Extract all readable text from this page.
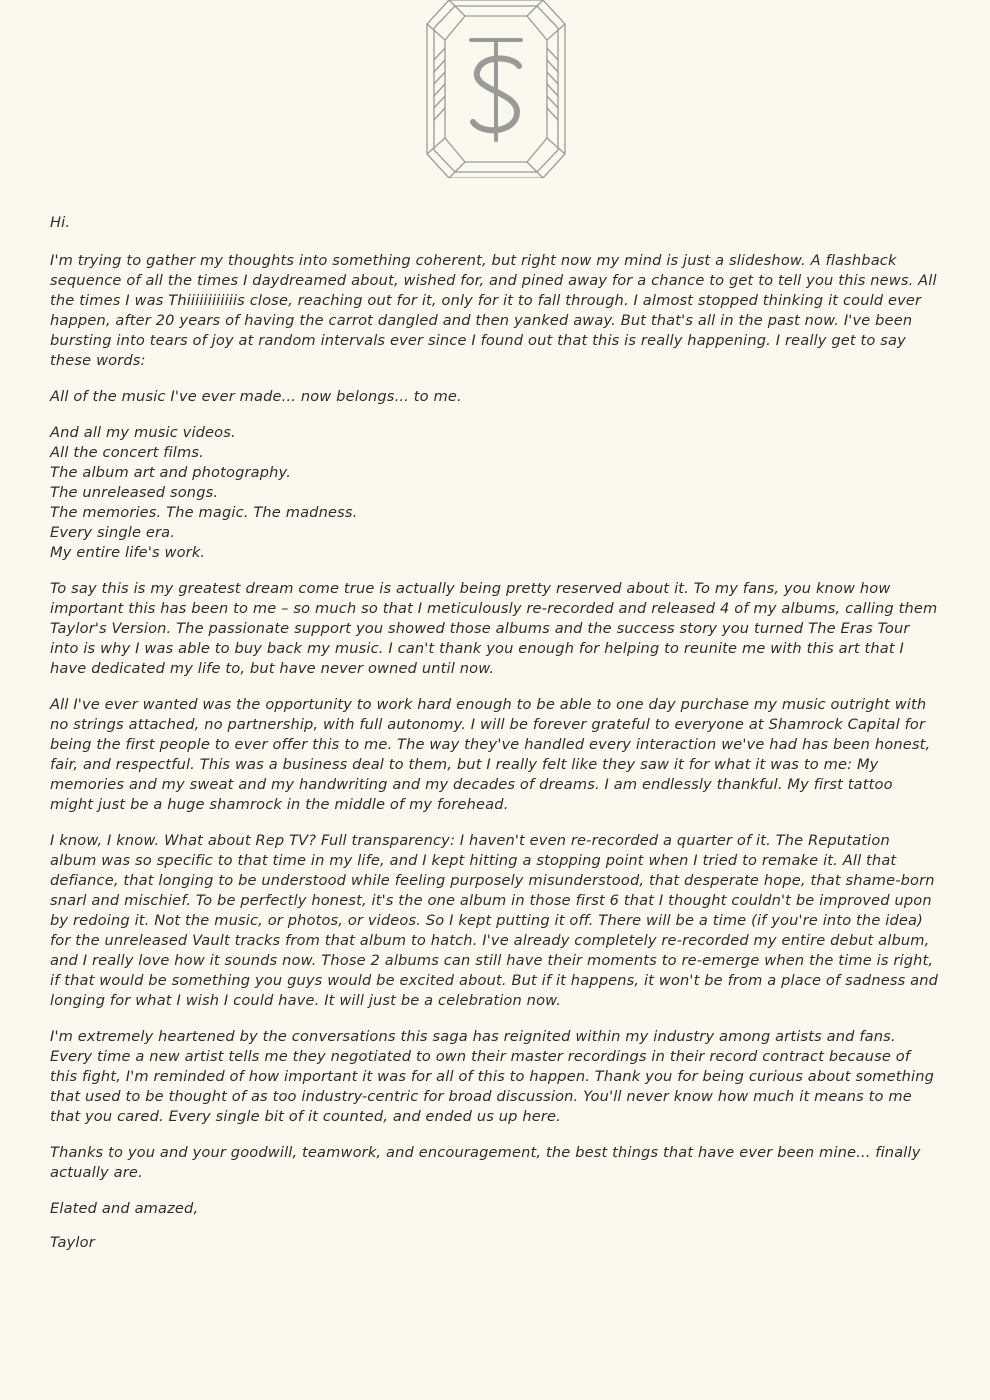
TS

Hi.

I'm trying to gather my thoughts into something coherent, but right now my mind is just a slideshow. A flashback sequence of all the times I daydreamed about, wished for, and pined away for a chance to get to tell you this news. All the times I was Thiiiiiiiiiiiis close, reaching out for it, only for it to fall through. I almost stopped thinking it could ever happen, after 20 years of having the carrot dangled and then yanked away. But that's all in the past now. I've been bursting into tears of joy at random intervals ever since I found out that this is really happening. I really get to say these words:

All of the music I've ever made... now belongs... to me.

And all my music videos.
All the concert films.
The album art and photography.
The unreleased songs.
The memories. The magic. The madness.
Every single era.
My entire life's work.

To say this is my greatest dream come true is actually being pretty reserved about it. To my fans, you know how important this has been to me – so much so that I meticulously re-recorded and released 4 of my albums, calling them Taylor's Version. The passionate support you showed those albums and the success story you turned The Eras Tour into is why I was able to buy back my music. I can't thank you enough for helping to reunite me with this art that I have dedicated my life to, but have never owned until now.

All I've ever wanted was the opportunity to work hard enough to be able to one day purchase my music outright with no strings attached, no partnership, with full autonomy. I will be forever grateful to everyone at Shamrock Capital for being the first people to ever offer this to me. The way they've handled every interaction we've had has been honest, fair, and respectful. This was a business deal to them, but I really felt like they saw it for what it was to me: My memories and my sweat and my handwriting and my decades of dreams. I am endlessly thankful. My first tattoo might just be a huge shamrock in the middle of my forehead.

I know, I know. What about Rep TV? Full transparency: I haven't even re-recorded a quarter of it. The Reputation album was so specific to that time in my life, and I kept hitting a stopping point when I tried to remake it. All that defiance, that longing to be understood while feeling purposely misunderstood, that desperate hope, that shame-born snarl and mischief. To be perfectly honest, it's the one album in those first 6 that I thought couldn't be improved upon by redoing it. Not the music, or photos, or videos. So I kept putting it off. There will be a time (if you're into the idea) for the unreleased Vault tracks from that album to hatch. I've already completely re-recorded my entire debut album, and I really love how it sounds now. Those 2 albums can still have their moments to re-emerge when the time is right, if that would be something you guys would be excited about. But if it happens, it won't be from a place of sadness and longing for what I wish I could have. It will just be a celebration now.

I'm extremely heartened by the conversations this saga has reignited within my industry among artists and fans. Every time a new artist tells me they negotiated to own their master recordings in their record contract because of this fight, I'm reminded of how important it was for all of this to happen. Thank you for being curious about something that used to be thought of as too industry-centric for broad discussion. You'll never know how much it means to me that you cared. Every single bit of it counted, and ended us up here.

Thanks to you and your goodwill, teamwork, and encouragement, the best things that have ever been mine... finally actually are.

Elated and amazed,

Taylor
